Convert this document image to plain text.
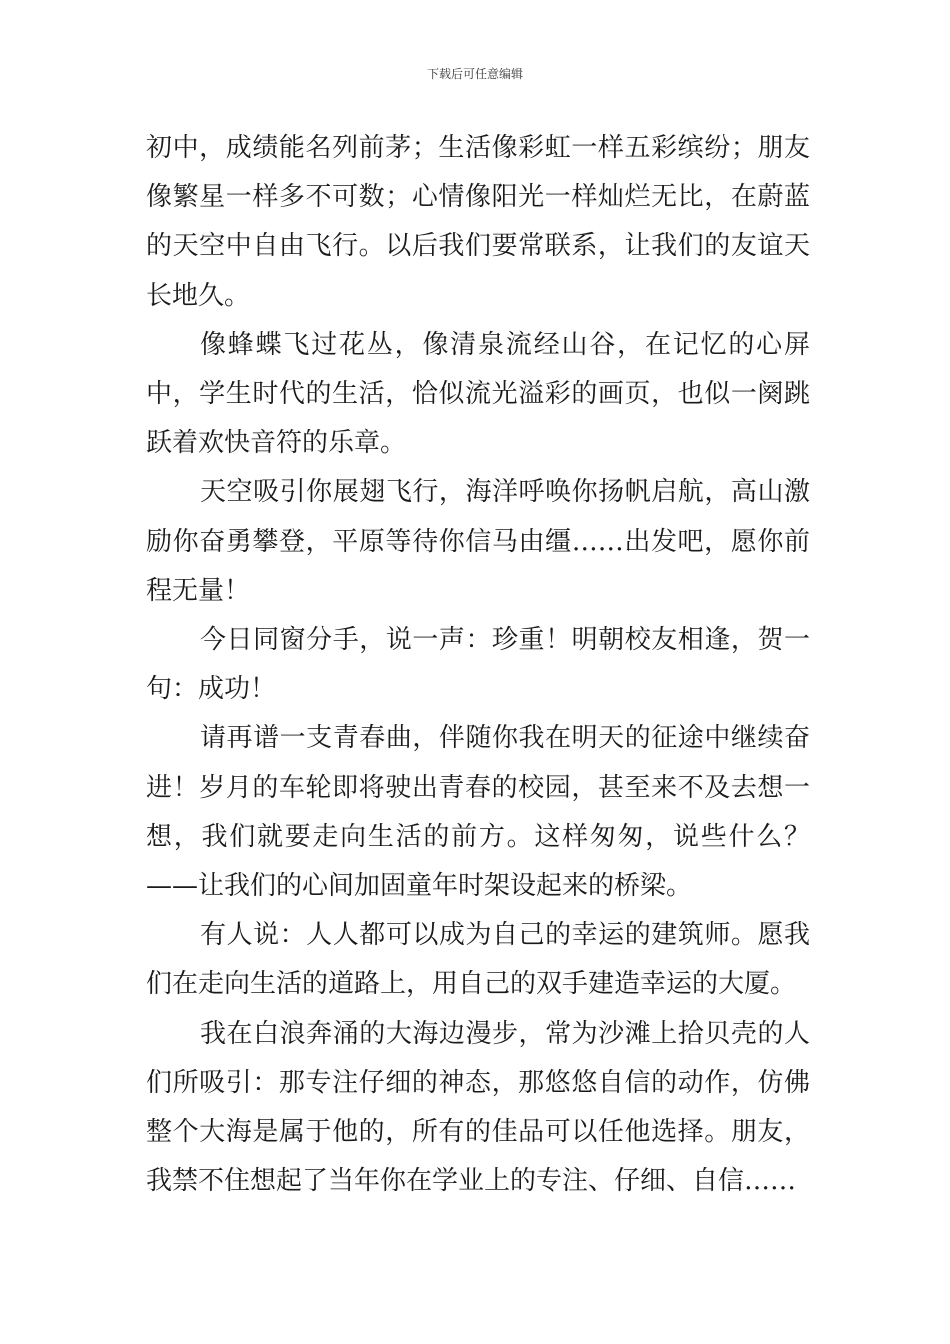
下载后可任意编辑

初中，成绩能名列前茅；生活像彩虹一样五彩缤纷；朋友像繁星一样多不可数；心情像阳光一样灿烂无比，在蔚蓝的天空中自由飞行。以后我们要常联系，让我们的友谊天长地久。

像蜂蝶飞过花丛，像清泉流经山谷，在记忆的心屏中，学生时代的生活，恰似流光溢彩的画页，也似一阕跳跃着欢快音符的乐章。

天空吸引你展翅飞行，海洋呼唤你扬帆启航，高山激励你奋勇攀登，平原等待你信马由缰……出发吧，愿你前程无量！

今日同窗分手，说一声：珍重！明朝校友相逢，贺一句：成功！

请再谱一支青春曲，伴随你我在明天的征途中继续奋进！岁月的车轮即将驶出青春的校园，甚至来不及去想一想，我们就要走向生活的前方。这样匆匆，说些什么？——让我们的心间加固童年时架设起来的桥梁。

有人说：人人都可以成为自己的幸运的建筑师。愿我们在走向生活的道路上，用自己的双手建造幸运的大厦。

我在白浪奔涌的大海边漫步，常为沙滩上拾贝壳的人们所吸引：那专注仔细的神态，那悠悠自信的动作，仿佛整个大海是属于他的，所有的佳品可以任他选择。朋友，我禁不住想起了当年你在学业上的专注、仔细、自信……
